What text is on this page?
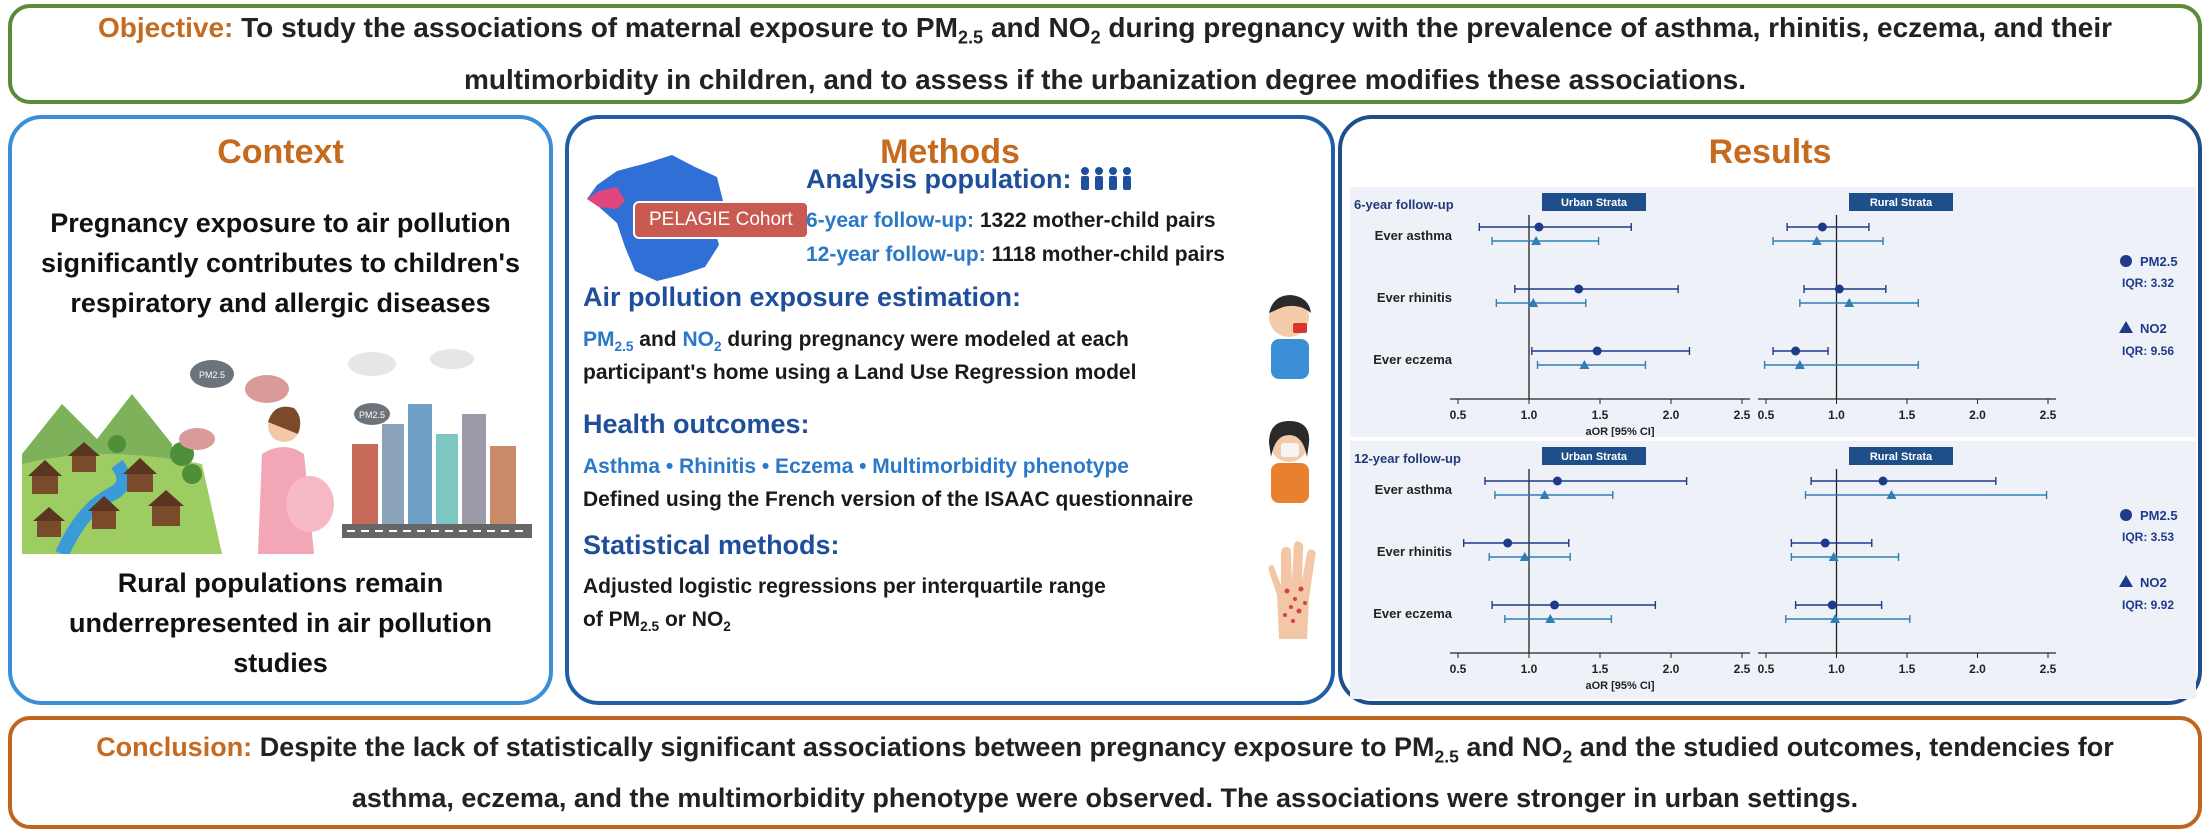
Objective: To study the associations of maternal exposure to $PM_{2.5}$ and $NO_2$ during pregnancy with the prevalence of asthma, rhinitis, eczema, and their multimorbidity in children, and to assess if the urbanization degree modifies these associations.
Context
Pregnancy exposure to air pollution significantly contributes to children's respiratory and allergic diseases
PM2.5
PM2.5
Rural populations remain underrepresented in air pollution studies
Methods
PELAGIE Cohort
Analysis population:
6-year follow-up: 1322 mother-child pairs
12-year follow-up: 1118 mother-child pairs
Air pollution exposure estimation:
$PM_{2.5}$ and $NO_2$ during pregnancy were modeled at each
participant's home using a Land Use Regression model
Health outcomes:
Asthma • Rhinitis • Eczema • Multimorbidity phenotype
Defined using the French version of the ISAAC questionnaire
Statistical methods:
Adjusted logistic regressions per interquartile range
of $PM_{2.5}$ or $NO_2$
Results
6-year follow-up
Ever asthma
Ever rhinitis
Ever eczema
Urban Strata
0.5	1.0	1.5	2.0	2.5
Rural Strata
0.5	1.0	1.5	2.0	2.5
aOR [95% CI]
PM2.5
IQR: 3.32
NO2
IQR: 9.56
12-year follow-up
Ever asthma
Ever rhinitis
Ever eczema
Urban Strata
0.5	1.0	1.5	2.0	2.5
Rural Strata
0.5	1.0	1.5	2.0	2.5
aOR [95% CI]
PM2.5
IQR: 3.53
NO2
IQR: 9.92
Conclusion: Despite the lack of statistically significant associations between pregnancy exposure to $PM_{2.5}$ and $NO_2$ and the studied outcomes, tendencies for asthma, eczema, and the multimorbidity phenotype were observed. The associations were stronger in urban settings.
